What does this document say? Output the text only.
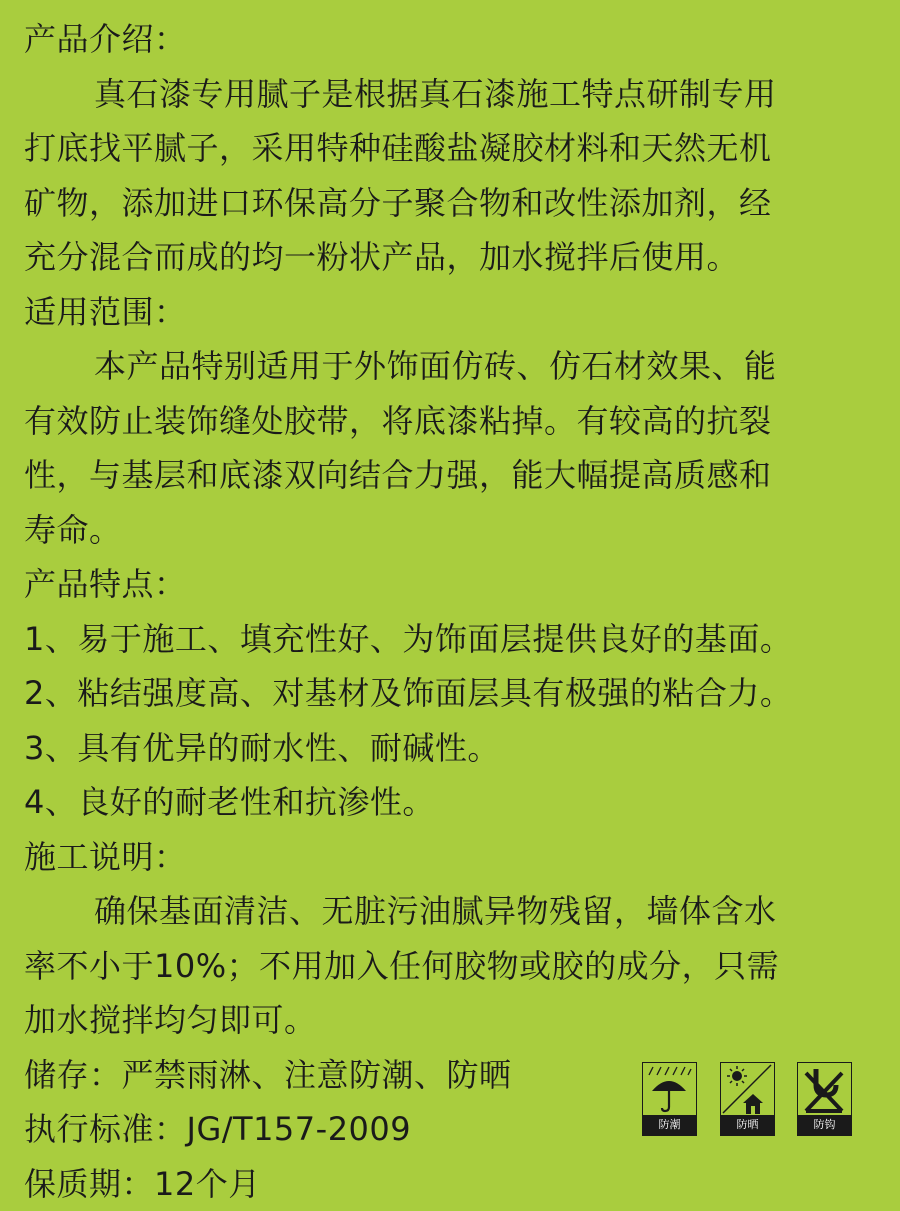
产品介绍：
真石漆专用腻子是根据真石漆施工特点研制专用
打底找平腻子，采用特种硅酸盐凝胶材料和天然无机
矿物，添加进口环保高分子聚合物和改性添加剂，经
充分混合而成的均一粉状产品，加水搅拌后使用。
适用范围：
本产品特别适用于外饰面仿砖、仿石材效果、能
有效防止装饰缝处胶带，将底漆粘掉。有较高的抗裂
性，与基层和底漆双向结合力强，能大幅提高质感和
寿命。
产品特点：
1、易于施工、填充性好、为饰面层提供良好的基面。
2、粘结强度高、对基材及饰面层具有极强的粘合力。
3、具有优异的耐水性、耐碱性。
4、良好的耐老性和抗渗性。
施工说明：
确保基面清洁、无脏污油腻异物残留，墙体含水
率不小于10%；不用加入任何胶物或胶的成分，只需
加水搅拌均匀即可。
储存：严禁雨淋、注意防潮、防晒
执行标准：JG/T157-2009
保质期：12个月
防潮	防晒	防钩
